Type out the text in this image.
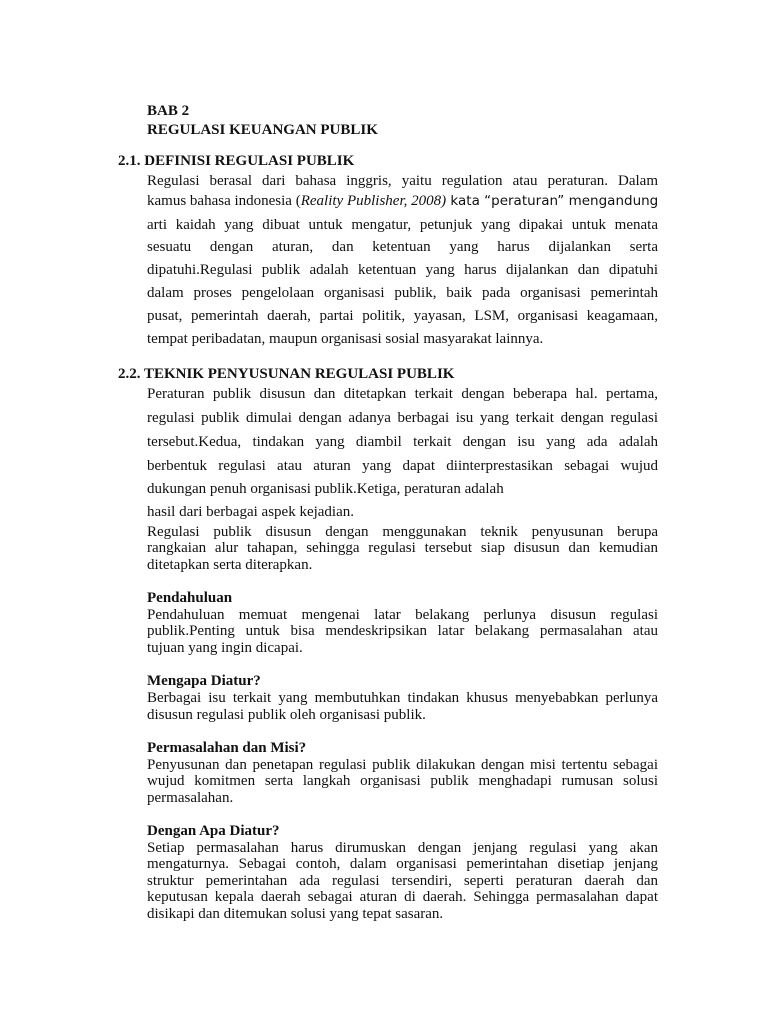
BAB 2
REGULASI KEUANGAN PUBLIK
2.1. DEFINISI REGULASI PUBLIK
Regulasi berasal dari bahasa inggris, yaitu regulation atau peraturan. Dalam
kamus bahasa indonesia (Reality Publisher, 2008) kata “peraturan” mengandung
arti kaidah yang dibuat untuk mengatur, petunjuk yang dipakai untuk menata
sesuatu dengan aturan, dan ketentuan yang harus dijalankan serta
dipatuhi.Regulasi publik adalah ketentuan yang harus dijalankan dan dipatuhi
dalam proses pengelolaan organisasi publik, baik pada organisasi pemerintah
pusat, pemerintah daerah, partai politik, yayasan, LSM, organisasi keagamaan,
tempat peribadatan, maupun organisasi sosial masyarakat lainnya.
2.2. TEKNIK PENYUSUNAN REGULASI PUBLIK
Peraturan publik disusun dan ditetapkan terkait dengan beberapa hal. pertama,
regulasi publik dimulai dengan adanya berbagai isu yang terkait dengan regulasi
tersebut.Kedua, tindakan yang diambil terkait dengan isu yang ada adalah
berbentuk regulasi atau aturan yang dapat diinterprestasikan sebagai wujud
dukungan penuh organisasi publik.Ketiga, peraturan adalah
hasil dari berbagai aspek kejadian.
Regulasi publik disusun dengan menggunakan teknik penyusunan berupa
rangkaian alur tahapan, sehingga regulasi tersebut siap disusun dan kemudian
ditetapkan serta diterapkan.
Pendahuluan
Pendahuluan memuat mengenai latar belakang perlunya disusun regulasi
publik.Penting untuk bisa mendeskripsikan latar belakang permasalahan atau
tujuan yang ingin dicapai.
Mengapa Diatur?
Berbagai isu terkait yang membutuhkan tindakan khusus menyebabkan perlunya
disusun regulasi publik oleh organisasi publik.
Permasalahan dan Misi?
Penyusunan dan penetapan regulasi publik dilakukan dengan misi tertentu sebagai
wujud komitmen serta langkah organisasi publik menghadapi rumusan solusi
permasalahan.
Dengan Apa Diatur?
Setiap permasalahan harus dirumuskan dengan jenjang regulasi yang akan
mengaturnya. Sebagai contoh, dalam organisasi pemerintahan disetiap jenjang
struktur pemerintahan ada regulasi tersendiri, seperti peraturan daerah dan
keputusan kepala daerah sebagai aturan di daerah. Sehingga permasalahan dapat
disikapi dan ditemukan solusi yang tepat sasaran.
